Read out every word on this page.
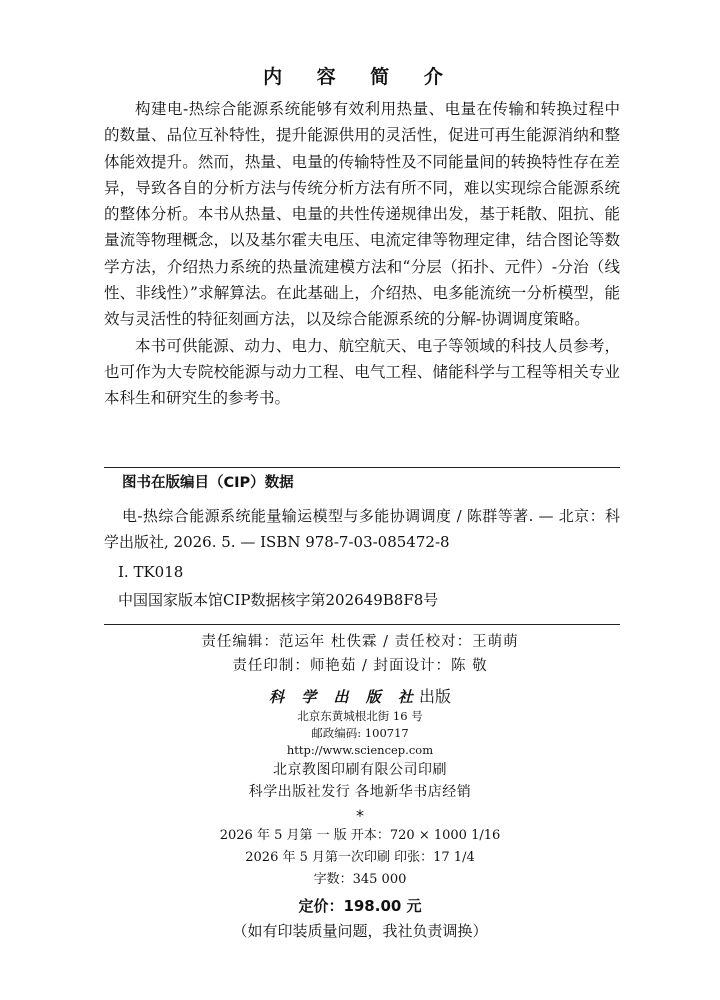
内 容 简 介

构建电-热综合能源系统能够有效利用热量、电量在传输和转换过程中的数量、品位互补特性，提升能源供用的灵活性，促进可再生能源消纳和整体能效提升。然而，热量、电量的传输特性及不同能量间的转换特性存在差异，导致各自的分析方法与传统分析方法有所不同，难以实现综合能源系统的整体分析。本书从热量、电量的共性传递规律出发，基于耗散、阻抗、能量流等物理概念，以及基尔霍夫电压、电流定律等物理定律，结合图论等数学方法，介绍热力系统的热量流建模方法和“分层（拓扑、元件）-分治（线性、非线性）”求解算法。在此基础上，介绍热、电多能流统一分析模型，能效与灵活性的特征刻画方法，以及综合能源系统的分解-协调调度策略。

本书可供能源、动力、电力、航空航天、电子等领域的科技人员参考，也可作为大专院校能源与动力工程、电气工程、储能科学与工程等相关专业本科生和研究生的参考书。

图书在版编目（CIP）数据

电-热综合能源系统能量输运模型与多能协调调度 / 陈群等著. — 北京：科学出版社, 2026. 5. — ISBN 978-7-03-085472-8

Ⅰ. TK018

中国国家版本馆CIP数据核字第202649B8F8号

责任编辑：范运年 杜佚霖 / 责任校对：王萌萌

责任印制：师艳茹 / 封面设计：陈 敬

科 学 出 版 社出版

北京东黄城根北街 16 号

邮政编码: 100717

http://www.sciencep.com

北京教图印刷有限公司印刷

科学出版社发行 各地新华书店经销

*

2026 年 5 月第 一 版 开本：720 × 1000 1/16

2026 年 5 月第一次印刷 印张：17 1/4

字数：345 000

定价：198.00 元

（如有印装质量问题，我社负责调换）
